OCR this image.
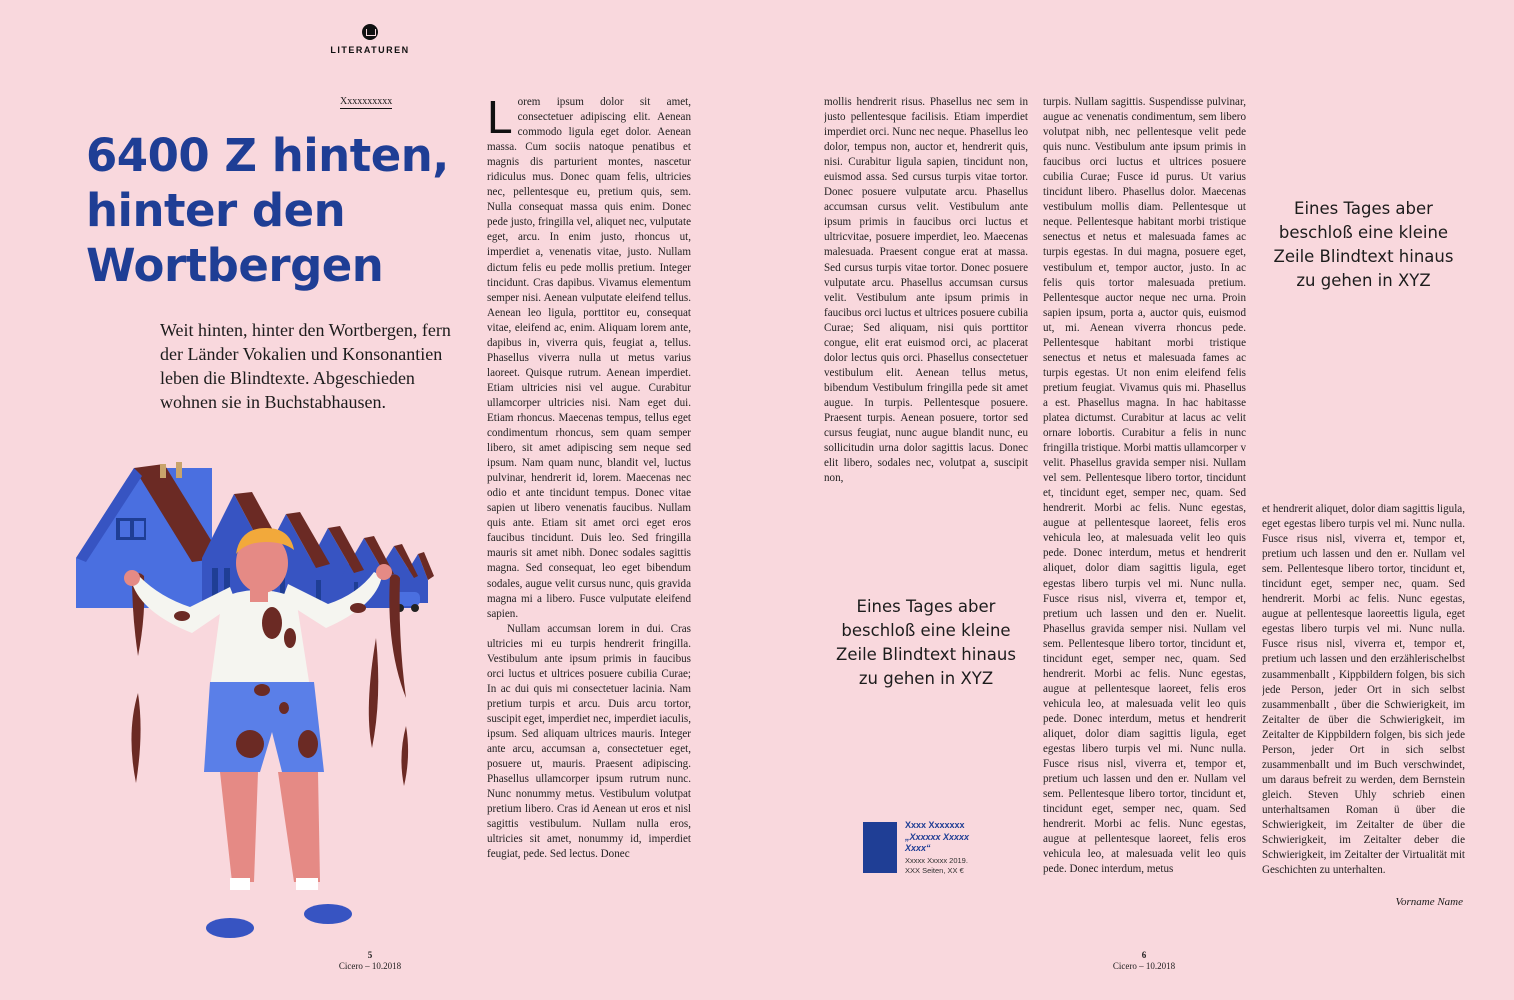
LITERATUREN
Xxxxxxxxxx
6400 Z hinten, hinter den Wortbergen
Weit hinten, hinter den Wortbergen, fern der Länder Vokalien und Konsonantien leben die Blindtexte. Abgeschieden wohnen sie in Buchstabhausen.
L orem ipsum dolor sit amet, consectetuer adipiscing elit. Aenean commodo ligula eget dolor. Aenean massa. Cum sociis natoque penatibus et magnis dis parturient montes, nascetur ridiculus mus. Donec quam felis, ultricies nec, pellentesque eu, pretium quis, sem. Nulla consequat massa quis enim. Donec pede justo, fringilla vel, aliquet nec, vulputate eget, arcu. In enim justo, rhoncus ut, imperdiet a, venenatis vitae, justo. Nullam dictum felis eu pede mollis pretium. Integer tincidunt. Cras dapibus. Vivamus elementum semper nisi. Aenean vulputate eleifend tellus. Aenean leo ligula, porttitor eu, consequat vitae, eleifend ac, enim. Aliquam lorem ante, dapibus in, viverra quis, feugiat a, tellus. Phasellus viverra nulla ut metus varius laoreet. Quisque rutrum. Aenean imperdiet. Etiam ultricies nisi vel augue. Curabitur ullamcorper ultricies nisi. Nam eget dui. Etiam rhoncus. Maecenas tempus, tellus eget condimentum rhoncus, sem quam semper libero, sit amet adipiscing sem neque sed ipsum. Nam quam nunc, blandit vel, luctus pulvinar, hendrerit id, lorem. Maecenas nec odio et ante tincidunt tempus. Donec vitae sapien ut libero venenatis faucibus. Nullam quis ante. Etiam sit amet orci eget eros faucibus tincidunt. Duis leo. Sed fringilla mauris sit amet nibh. Donec sodales sagittis magna. Sed consequat, leo eget bibendum sodales, augue velit cursus nunc, quis gravida magna mi a libero. Fusce vulputate eleifend sapien.

Nullam accumsan lorem in dui. Cras ultricies mi eu turpis hendrerit fringilla. Vestibulum ante ipsum primis in faucibus orci luctus et ultrices posuere cubilia Curae; In ac dui quis mi consectetuer lacinia. Nam pretium turpis et arcu. Duis arcu tortor, suscipit eget, imperdiet nec, imperdiet iaculis, ipsum. Sed aliquam ultrices mauris. Integer ante arcu, accumsan a, consectetuer eget, posuere ut, mauris. Praesent adipiscing. Phasellus ullamcorper ipsum rutrum nunc. Nunc nonummy metus. Vestibulum volutpat pretium libero. Cras id Aenean ut eros et nisl sagittis vestibulum. Nullam nulla eros, ultricies sit amet, nonummy id, imperdiet feugiat, pede. Sed lectus. Donec

mollis hendrerit risus. Phasellus nec sem in justo pellentesque facilisis. Etiam imperdiet imperdiet orci. Nunc nec neque. Phasellus leo dolor, tempus non, auctor et, hendrerit quis, nisi. Curabitur ligula sapien, tincidunt non, euismod assa. Sed cursus turpis vitae tortor. Donec posuere vulputate arcu. Phasellus accumsan cursus velit. Vestibulum ante ipsum primis in faucibus orci luctus et ultricvitae, posuere imperdiet, leo. Maecenas malesuada. Praesent congue erat at massa. Sed cursus turpis vitae tortor. Donec posuere vulputate arcu. Phasellus accumsan cursus velit. Vestibulum ante ipsum primis in faucibus orci luctus et ultrices posuere cubilia Curae; Sed aliquam, nisi quis porttitor congue, elit erat euismod orci, ac placerat dolor lectus quis orci. Phasellus consectetuer vestibulum elit. Aenean tellus metus, bibendum Vestibulum fringilla pede sit amet augue. In turpis. Pellentesque posuere. Praesent turpis. Aenean posuere, tortor sed cursus feugiat, nunc augue blandit nunc, eu sollicitudin urna dolor sagittis lacus. Donec elit libero, sodales nec, volutpat a, suscipit non,

turpis. Nullam sagittis. Suspendisse pulvinar, augue ac venenatis condimentum, sem libero volutpat nibh, nec pellentesque velit pede quis nunc. Vestibulum ante ipsum primis in faucibus orci luctus et ultrices posuere cubilia Curae; Fusce id purus. Ut varius tincidunt libero. Phasellus dolor. Maecenas vestibulum mollis diam. Pellentesque ut neque. Pellentesque habitant morbi tristique senectus et netus et malesuada fames ac turpis egestas. In dui magna, posuere eget, vestibulum et, tempor auctor, justo. In ac felis quis tortor malesuada pretium. Pellentesque auctor neque nec urna. Proin sapien ipsum, porta a, auctor quis, euismod ut, mi. Aenean viverra rhoncus pede. Pellentesque habitant morbi tristique senectus et netus et malesuada fames ac turpis egestas. Ut non enim eleifend felis pretium feugiat. Vivamus quis mi. Phasellus a est. Phasellus magna. In hac habitasse platea dictumst. Curabitur at lacus ac velit ornare lobortis. Curabitur a felis in nunc fringilla tristique. Morbi mattis ullamcorper v velit. Phasellus gravida semper nisi. Nullam vel sem. Pellentesque libero tortor, tincidunt et, tincidunt eget, semper nec, quam. Sed hendrerit. Morbi ac felis. Nunc egestas, augue at pellentesque laoreet, felis eros vehicula leo, at malesuada velit leo quis pede. Donec interdum, metus et hendrerit aliquet, dolor diam sagittis ligula, eget egestas libero turpis vel mi. Nunc nulla. Fusce risus nisl, viverra et, tempor et, pretium uch lassen und den er. Nuelit. Phasellus gravida semper nisi. Nullam vel sem. Pellentesque libero tortor, tincidunt et, tincidunt eget, semper nec, quam. Sed hendrerit. Morbi ac felis. Nunc egestas, augue at pellentesque laoreet, felis eros vehicula leo, at malesuada velit leo quis pede. Donec interdum, metus et hendrerit aliquet, dolor diam sagittis ligula, eget egestas libero turpis vel mi. Nunc nulla. Fusce risus nisl, viverra et, tempor et, pretium uch lassen und den er. Nullam vel sem. Pellentesque libero tortor, tincidunt et, tincidunt eget, semper nec, quam. Sed hendrerit. Morbi ac felis. Nunc egestas, augue at pellentesque laoreet, felis eros vehicula leo, at malesuada velit leo quis pede. Donec interdum, metus

et hendrerit aliquet, dolor diam sagittis ligula, eget egestas libero turpis vel mi. Nunc nulla. Fusce risus nisl, viverra et, tempor et, pretium uch lassen und den er. Nullam vel sem. Pellentesque libero tortor, tincidunt et, tincidunt eget, semper nec, quam. Sed hendrerit. Morbi ac felis. Nunc egestas, augue at pellentesque laoreettis ligula, eget egestas libero turpis vel mi. Nunc nulla. Fusce risus nisl, viverra et, tempor et, pretium uch lassen und den erzählerischelbst zusammenballt , Kippbildern folgen, bis sich jede Person, jeder Ort in sich selbst zusammenballt , über die Schwierigkeit, im Zeitalter de über die Schwierigkeit, im Zeitalter de Kippbildern folgen, bis sich jede Person, jeder Ort in sich selbst zusammenballt und im Buch verschwindet, um daraus befreit zu werden, dem Bernstein gleich. Steven Uhly schrieb einen unterhaltsamen Roman ü über die Schwierigkeit, im Zeitalter de über die Schwierigkeit, im Zeitalter deber die Schwierigkeit, im Zeitalter der Virtualität mit Geschichten zu unterhalten.

Vorname Name
Eines Tages aber beschloß eine kleine Zeile Blindtext hinaus zu gehen in XYZ
Eines Tages aber beschloß eine kleine Zeile Blindtext hinaus zu gehen in XYZ
Xxxx Xxxxxxx
„Xxxxxx Xxxxx Xxxx“
Xxxxx Xxxxx 2019.
XXX Seiten, XX €
5
Cicero – 10.2018
6
Cicero – 10.2018
